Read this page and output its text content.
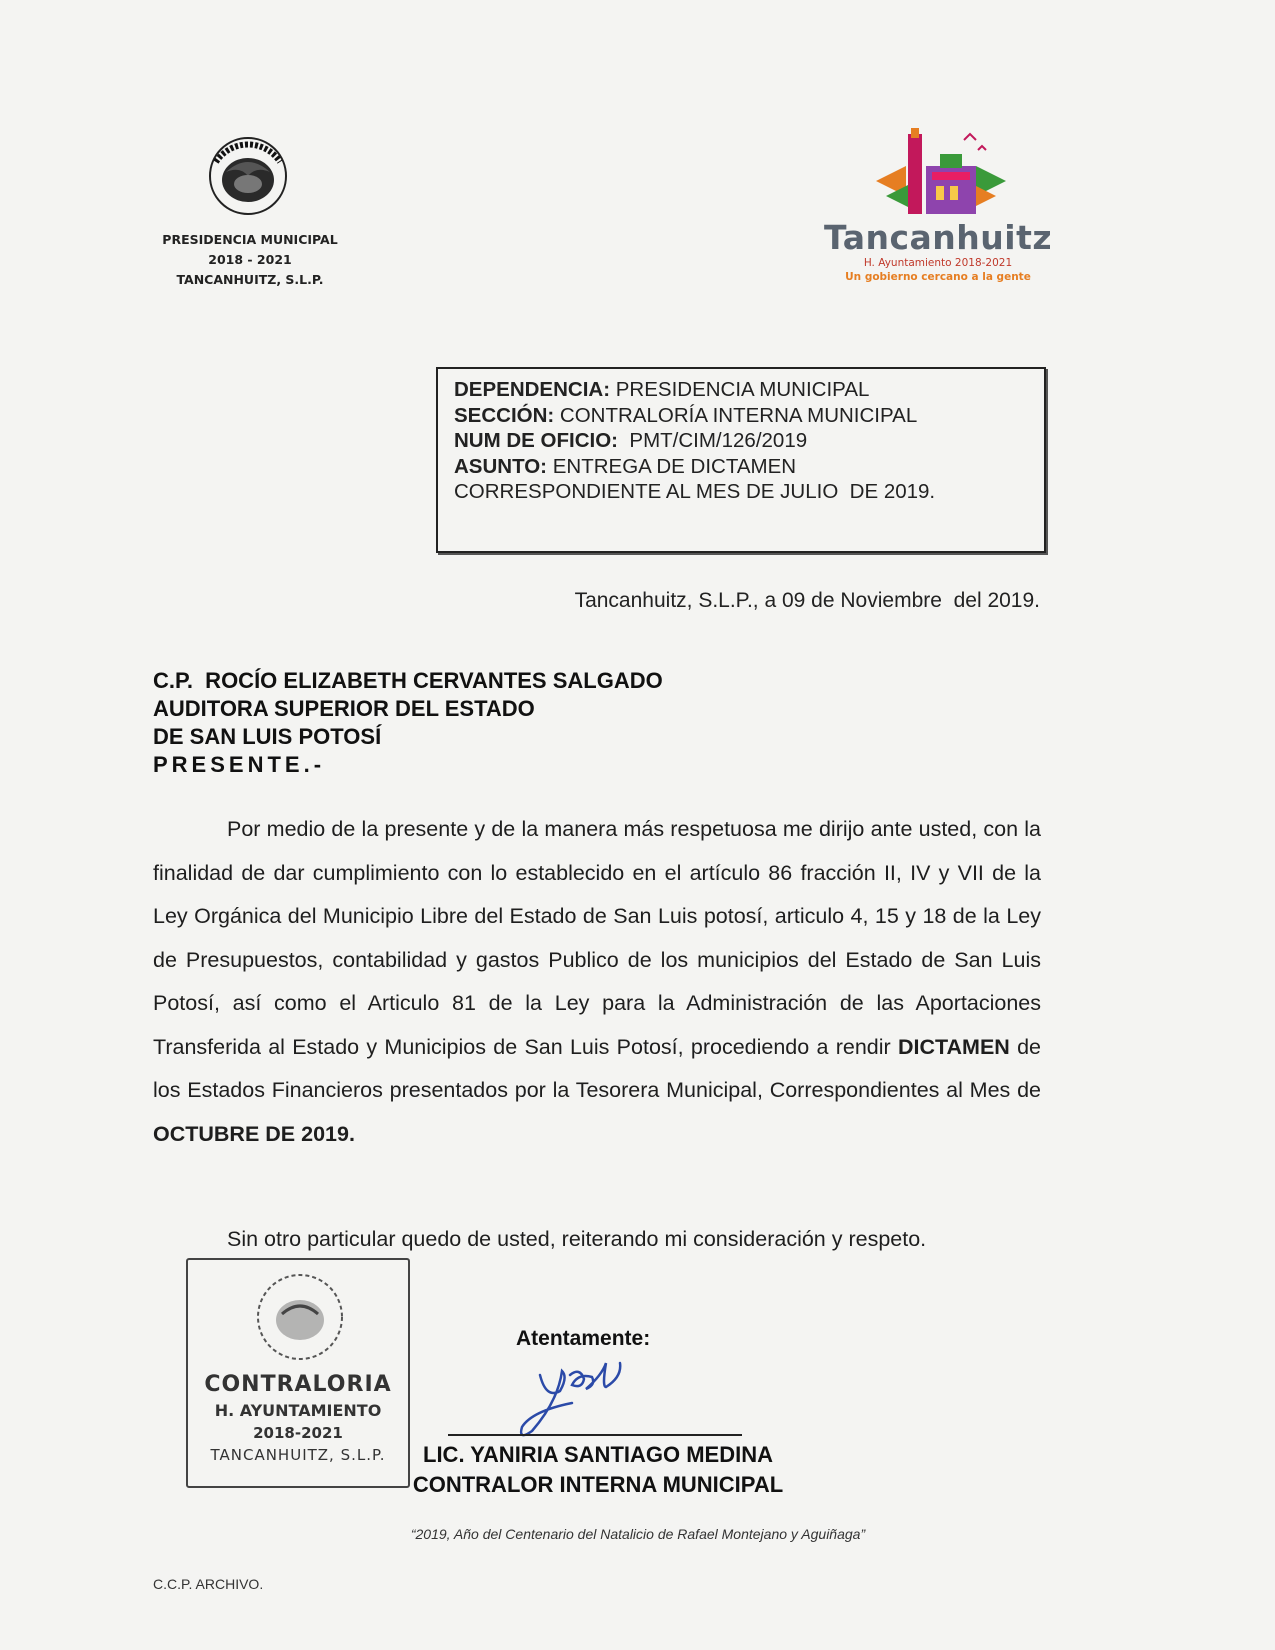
PRESIDENCIA MUNICIPAL
2018 - 2021
TANCANHUITZ, S.L.P.
Tancanhuitz
H. Ayuntamiento 2018-2021
Un gobierno cercano a la gente
DEPENDENCIA: PRESIDENCIA MUNICIPAL
SECCIÓN: CONTRALORÍA INTERNA MUNICIPAL
NUM DE OFICIO:  PMT/CIM/126/2019
ASUNTO: ENTREGA DE DICTAMEN
CORRESPONDIENTE AL MES DE JULIO  DE 2019.
Tancanhuitz, S.L.P., a 09 de Noviembre  del 2019.
C.P.  ROCÍO ELIZABETH CERVANTES SALGADO
AUDITORA SUPERIOR DEL ESTADO
DE SAN LUIS POTOSÍ
PRESENTE.-

Por medio de la presente y de la manera más respetuosa me dirijo ante usted, con la finalidad de dar cumplimiento con lo establecido en el artículo 86 fracción II, IV y VII de la Ley Orgánica del Municipio Libre del Estado de San Luis potosí, articulo 4, 15 y 18 de la Ley de Presupuestos, contabilidad y gastos Publico de los municipios del Estado de San Luis Potosí, así como el Articulo 81 de la Ley para la Administración de las Aportaciones Transferida al Estado y Municipios de San Luis Potosí, procediendo a rendir DICTAMEN de los Estados Financieros presentados por la Tesorera Municipal, Correspondientes al Mes de OCTUBRE DE 2019.

Sin otro particular quedo de usted, reiterando mi consideración y respeto.

CONTRALORIA
H. AYUNTAMIENTO
2018-2021
TANCANHUITZ, S.L.P.
Atentamente:
LIC. YANIRIA SANTIAGO MEDINA
CONTRALOR INTERNA MUNICIPAL
“2019, Año del Centenario del Natalicio de Rafael Montejano y Aguiñaga”
C.C.P. ARCHIVO.
